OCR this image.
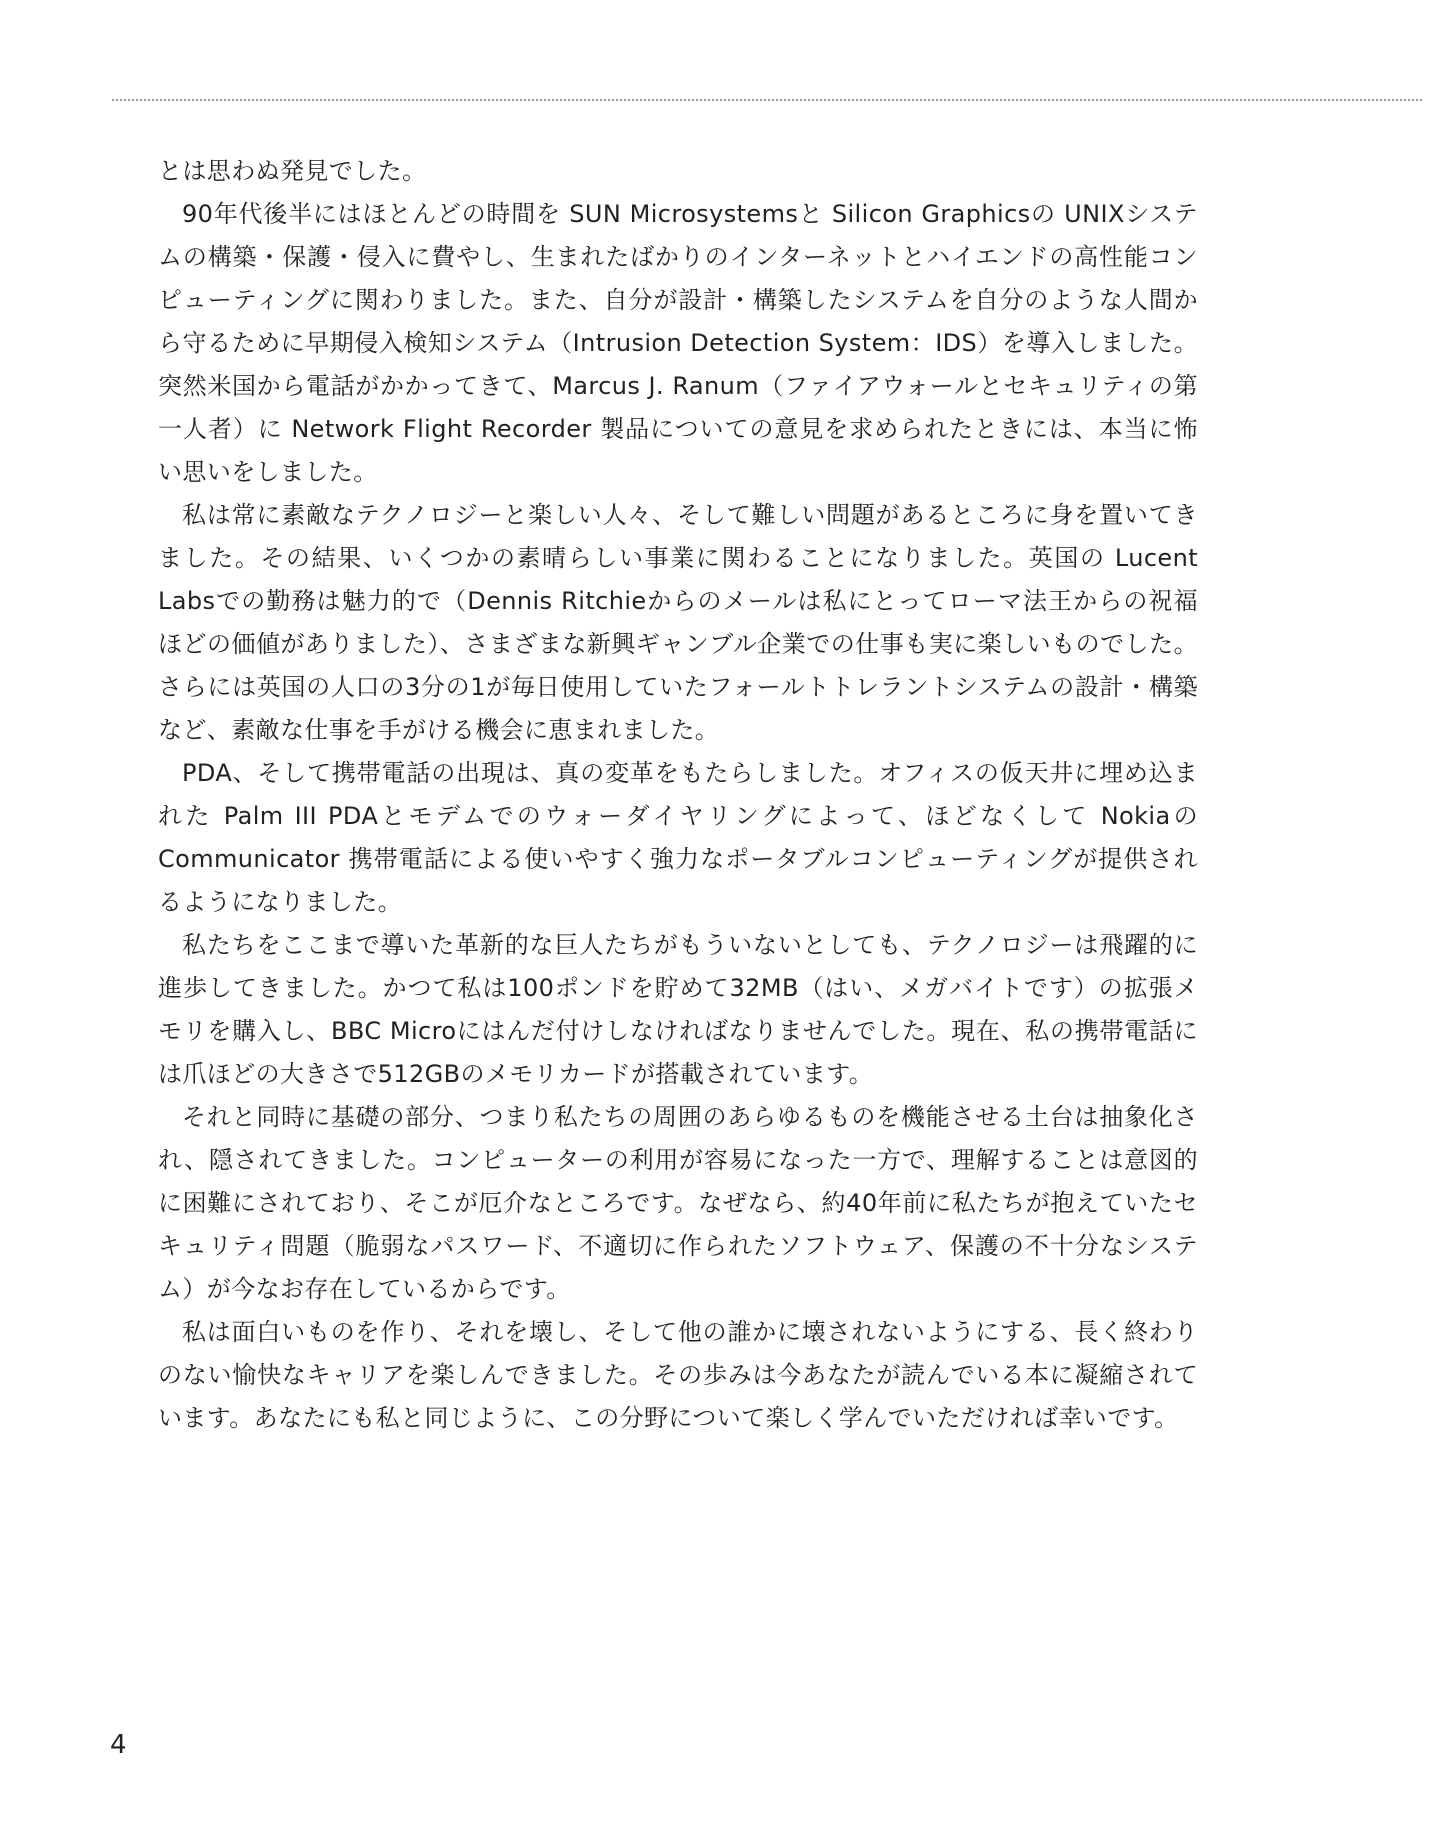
とは思わぬ発見でした。

90年代後半にはほとんどの時間を SUN Microsystemsと Silicon Graphicsの UNIXシステムの構築・保護・侵入に費やし、生まれたばかりのインターネットとハイエンドの高性能コンピューティングに関わりました。また、自分が設計・構築したシステムを自分のような人間から守るために早期侵入検知システム（Intrusion Detection System：IDS）を導入しました。突然米国から電話がかかってきて、Marcus J. Ranum（ファイアウォールとセキュリティの第一人者）に Network Flight Recorder 製品についての意見を求められたときには、本当に怖い思いをしました。

私は常に素敵なテクノロジーと楽しい人々、そして難しい問題があるところに身を置いてきました。その結果、いくつかの素晴らしい事業に関わることになりました。英国の Lucent Labsでの勤務は魅力的で（Dennis Ritchieからのメールは私にとってローマ法王からの祝福ほどの価値がありました）、さまざまな新興ギャンブル企業での仕事も実に楽しいものでした。さらには英国の人口の3分の1が毎日使用していたフォールトトレラントシステムの設計・構築など、素敵な仕事を手がける機会に恵まれました。

PDA、そして携帯電話の出現は、真の変革をもたらしました。オフィスの仮天井に埋め込まれた Palm III PDAとモデムでのウォーダイヤリングによって、ほどなくして Nokiaの Communicator 携帯電話による使いやすく強力なポータブルコンピューティングが提供されるようになりました。

私たちをここまで導いた革新的な巨人たちがもういないとしても、テクノロジーは飛躍的に進歩してきました。かつて私は100ポンドを貯めて32MB（はい、メガバイトです）の拡張メモリを購入し、BBC Microにはんだ付けしなければなりませんでした。現在、私の携帯電話には爪ほどの大きさで512GBのメモリカードが搭載されています。

それと同時に基礎の部分、つまり私たちの周囲のあらゆるものを機能させる土台は抽象化され、隠されてきました。コンピューターの利用が容易になった一方で、理解することは意図的に困難にされており、そこが厄介なところです。なぜなら、約40年前に私たちが抱えていたセキュリティ問題（脆弱なパスワード、不適切に作られたソフトウェア、保護の不十分なシステム）が今なお存在しているからです。

私は面白いものを作り、それを壊し、そして他の誰かに壊されないようにする、長く終わりのない愉快なキャリアを楽しんできました。その歩みは今あなたが読んでいる本に凝縮されています。あなたにも私と同じように、この分野について楽しく学んでいただければ幸いです。

4
